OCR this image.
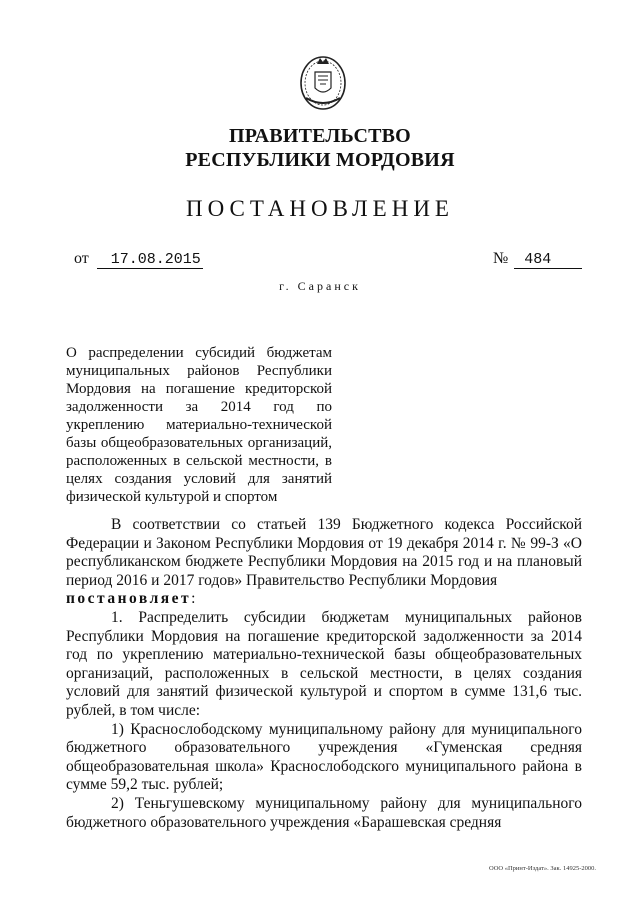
ПРАВИТЕЛЬСТВО
РЕСПУБЛИКИ МОРДОВИЯ
ПОСТАНОВЛЕНИЕ
от 17.08.2015	№ 484
г. Саранск
О распределении субсидий бюджетам муниципальных районов Республики Мордовия на погашение кредиторской задолженности за 2014 год по укреплению материально-технической базы общеобразовательных организаций, расположенных в сельской местности, в целях создания условий для занятий физической культурой и спортом

В соответствии со статьей 139 Бюджетного кодекса Российской Федерации и Законом Республики Мордовия от 19 декабря 2014 г. № 99-З «О республиканском бюджете Республики Мордовия на 2015 год и на плановый период 2016 и 2017 годов» Правительство Республики Мордовия
постановляет:

1. Распределить субсидии бюджетам муниципальных районов Республики Мордовия на погашение кредиторской задолженности за 2014 год по укреплению материально-технической базы общеобразовательных организаций, расположенных в сельской местности, в целях создания условий для занятий физической культурой и спортом в сумме 131,6 тыс. рублей, в том числе:

1) Краснослободскому муниципальному району для муниципального бюджетного образовательного учреждения «Гуменская средняя общеобразовательная школа» Краснослободского муниципального района в сумме 59,2 тыс. рублей;

2) Теньгушевскому муниципальному району для муниципального бюджетного образовательного учреждения «Барашевская средняя

ООО «Принт-Издат». Зак. 14925-2000.
